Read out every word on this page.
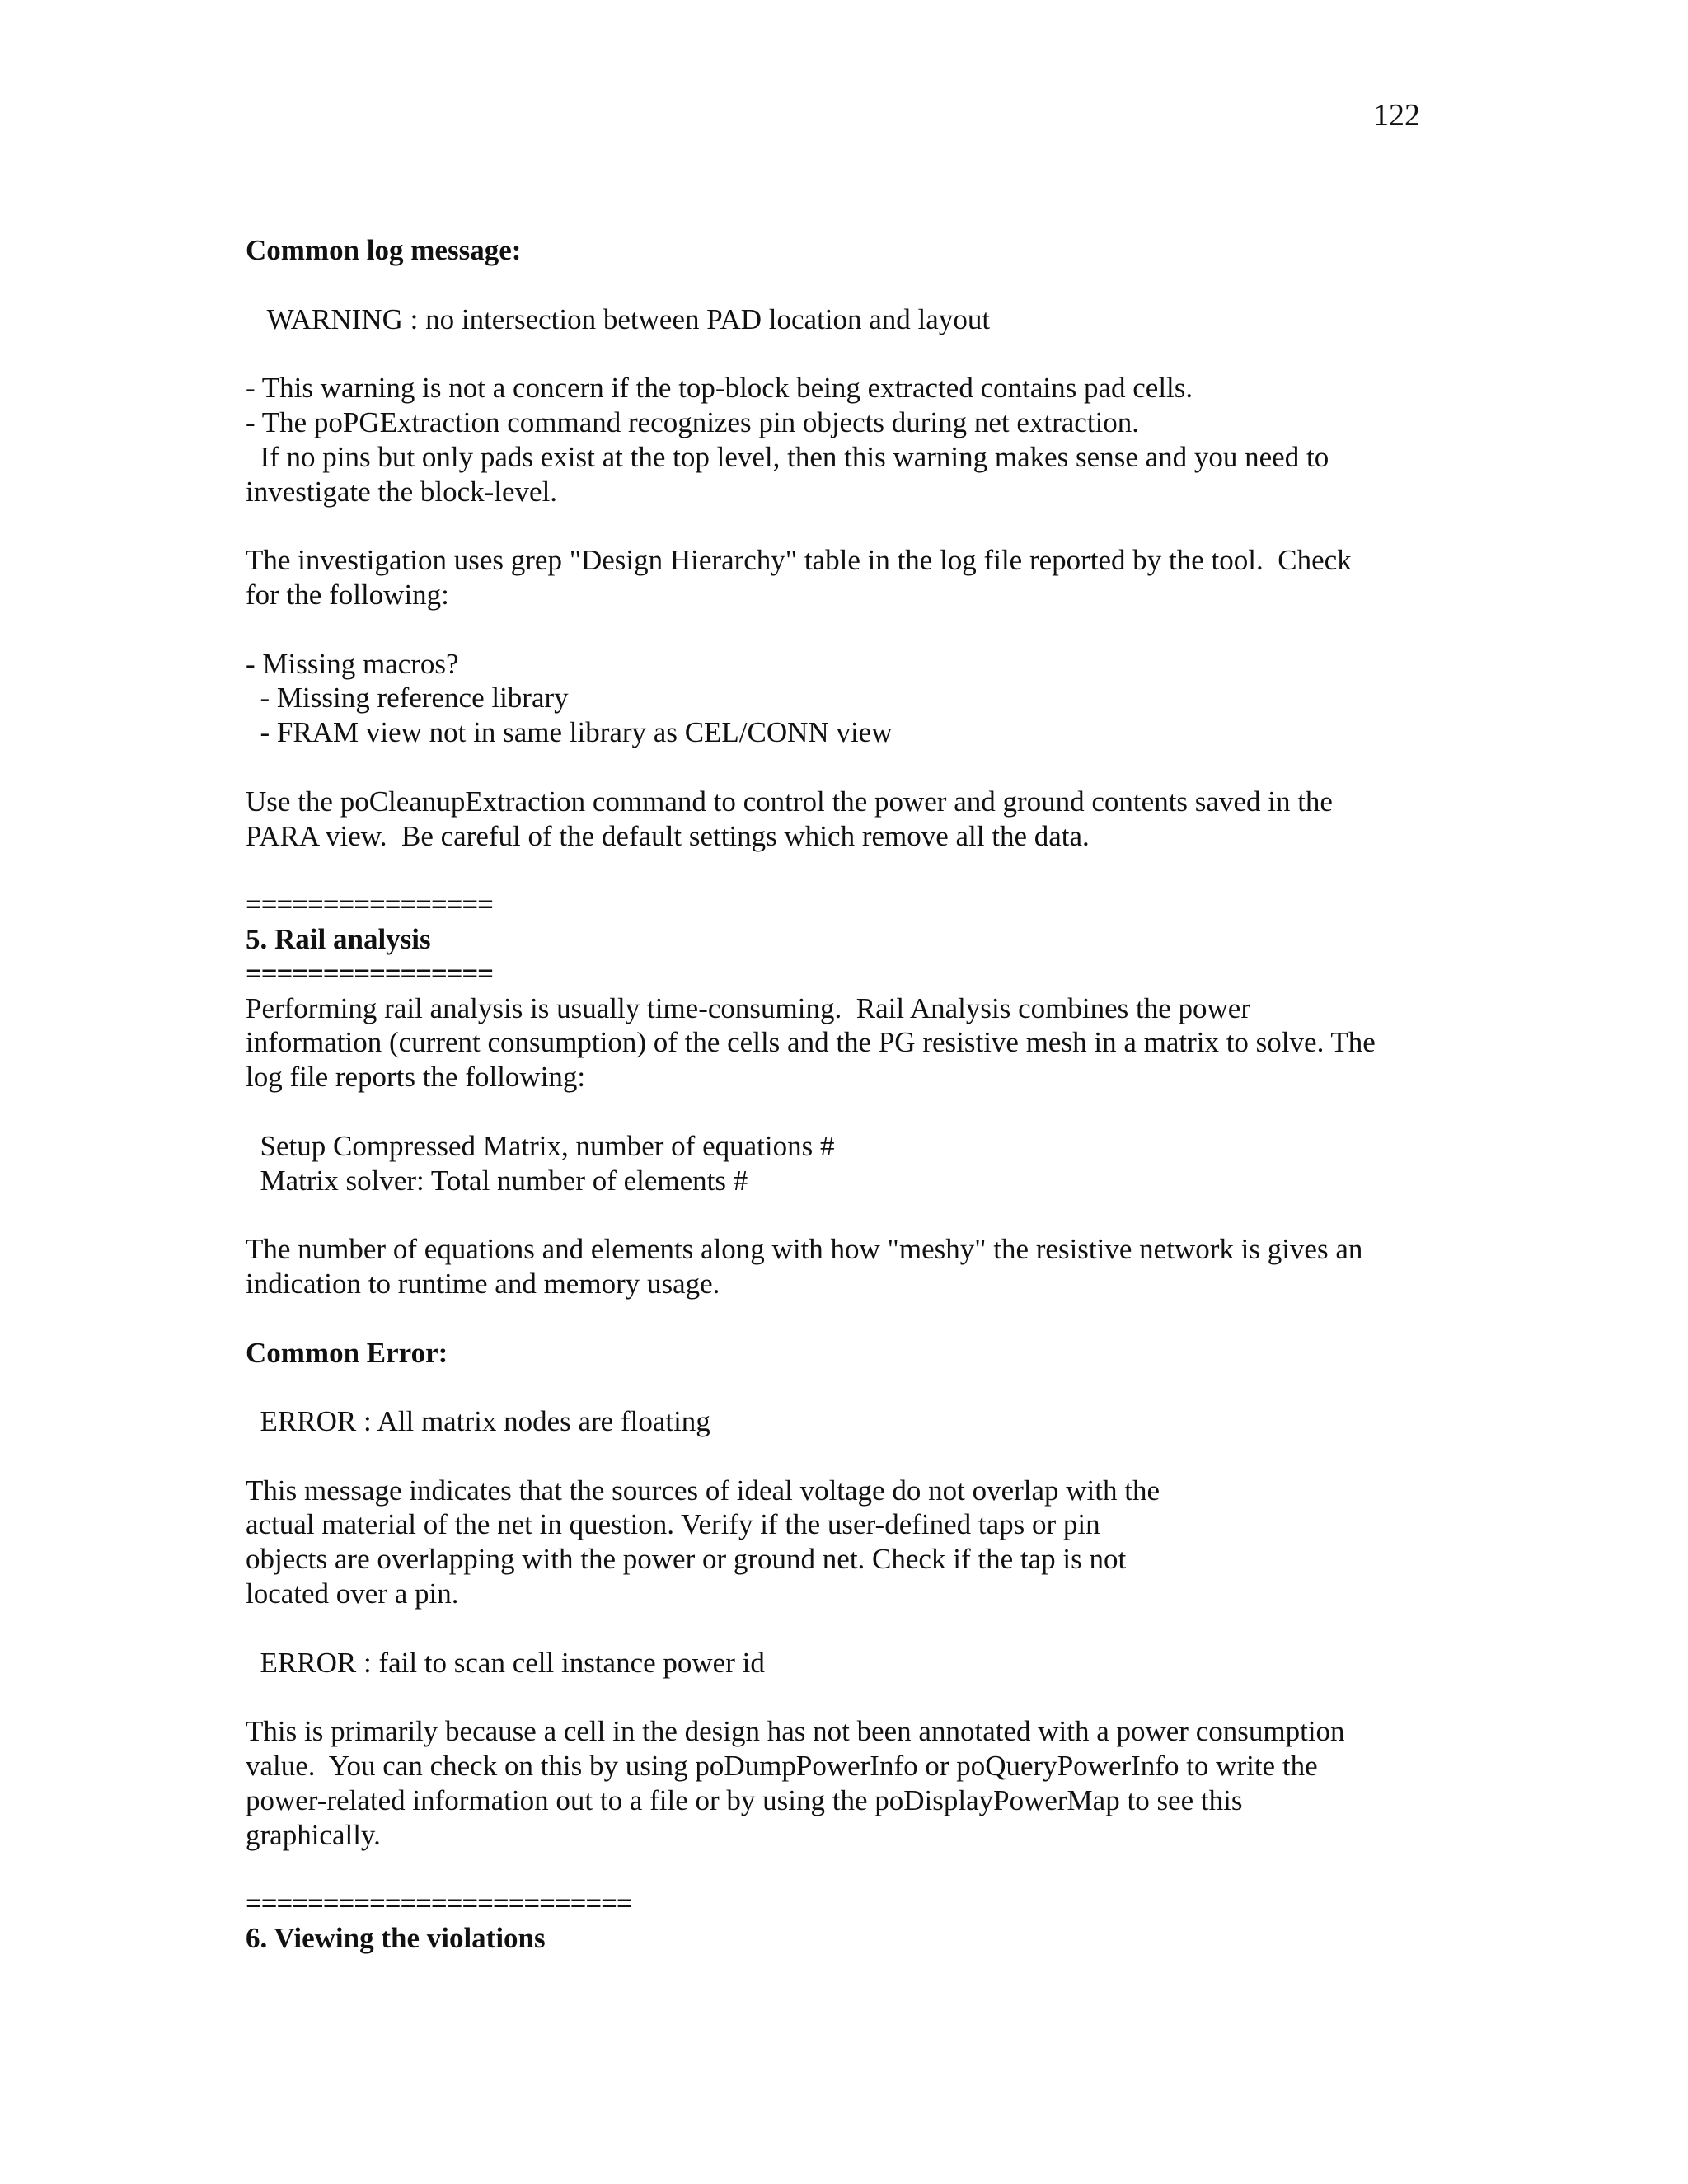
122

Common log message:

WARNING : no intersection between PAD location and layout

- This warning is not a concern if the top-block being extracted contains pad cells.

- The poPGExtraction command recognizes pin objects during net extraction.

If no pins but only pads exist at the top level, then this warning makes sense and you need to

investigate the block-level.

The investigation uses grep "Design Hierarchy" table in the log file reported by the tool.  Check

for the following:

- Missing macros?

- Missing reference library

- FRAM view not in same library as CEL/CONN view

Use the poCleanupExtraction command to control the power and ground contents saved in the

PARA view.  Be careful of the default settings which remove all the data.

================

5. Rail analysis

================

Performing rail analysis is usually time-consuming.  Rail Analysis combines the power

information (current consumption) of the cells and the PG resistive mesh in a matrix to solve. The

log file reports the following:

Setup Compressed Matrix, number of equations #

Matrix solver: Total number of elements #

The number of equations and elements along with how "meshy" the resistive network is gives an

indication to runtime and memory usage.

Common Error:

ERROR : All matrix nodes are floating

This message indicates that the sources of ideal voltage do not overlap with the

actual material of the net in question. Verify if the user-defined taps or pin

objects are overlapping with the power or ground net. Check if the tap is not

located over a pin.

ERROR : fail to scan cell instance power id

This is primarily because a cell in the design has not been annotated with a power consumption

value.  You can check on this by using poDumpPowerInfo or poQueryPowerInfo to write the

power-related information out to a file or by using the poDisplayPowerMap to see this

graphically.

=========================

6. Viewing the violations
